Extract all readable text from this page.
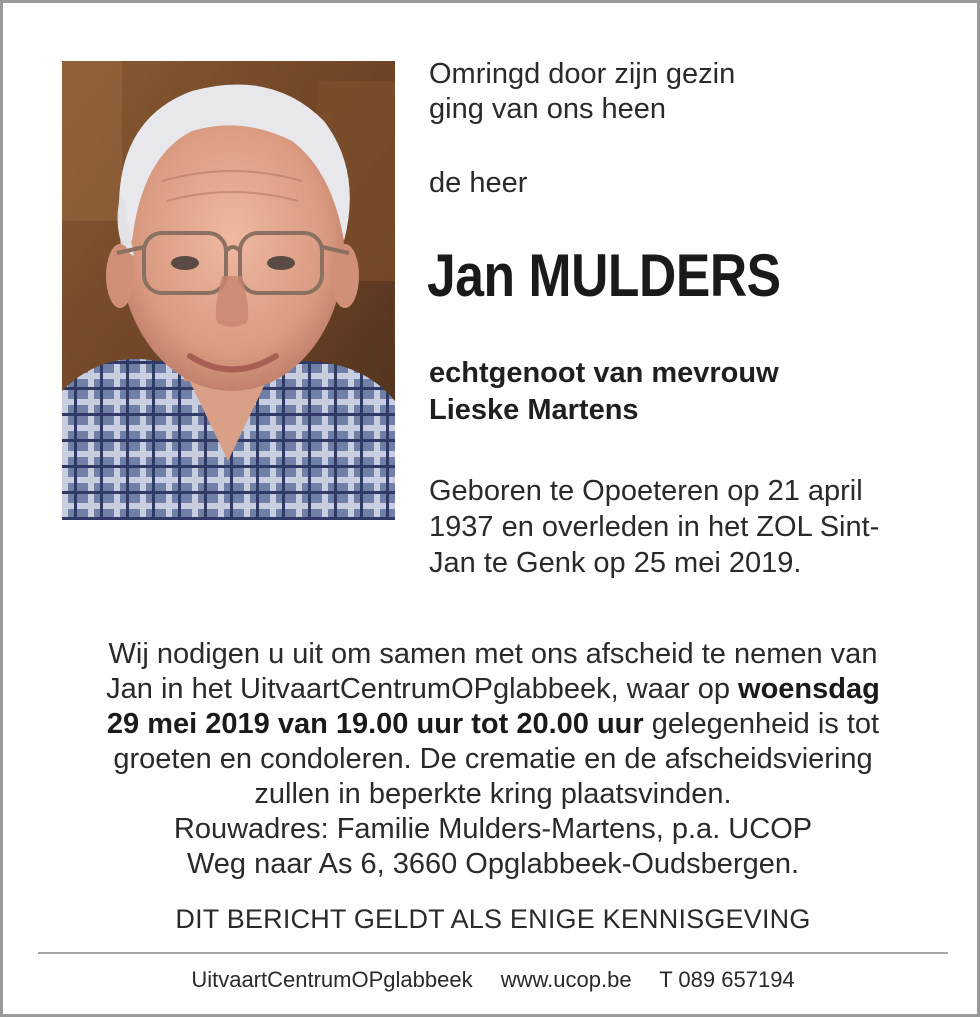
Omringd door zijn gezin
ging van ons heen
de heer
Jan MULDERS
echtgenoot van mevrouw
Lieske Martens
Geboren te Opoeteren op 21 april
1937 en overleden in het ZOL Sint-
Jan te Genk op 25 mei 2019.
Wij nodigen u uit om samen met ons afscheid te nemen van
Jan in het UitvaartCentrumOPglabbeek, waar op woensdag
29 mei 2019 van 19.00 uur tot 20.00 uur gelegenheid is tot
groeten en condoleren. De crematie en de afscheidsviering
zullen in beperkte kring plaatsvinden.
Rouwadres: Familie Mulders-Martens, p.a. UCOP
Weg naar As 6, 3660 Opglabbeek-Oudsbergen.
DIT BERICHT GELDT ALS ENIGE KENNISGEVING
UitvaartCentrumOPglabbeek www.ucop.be T 089 657194
